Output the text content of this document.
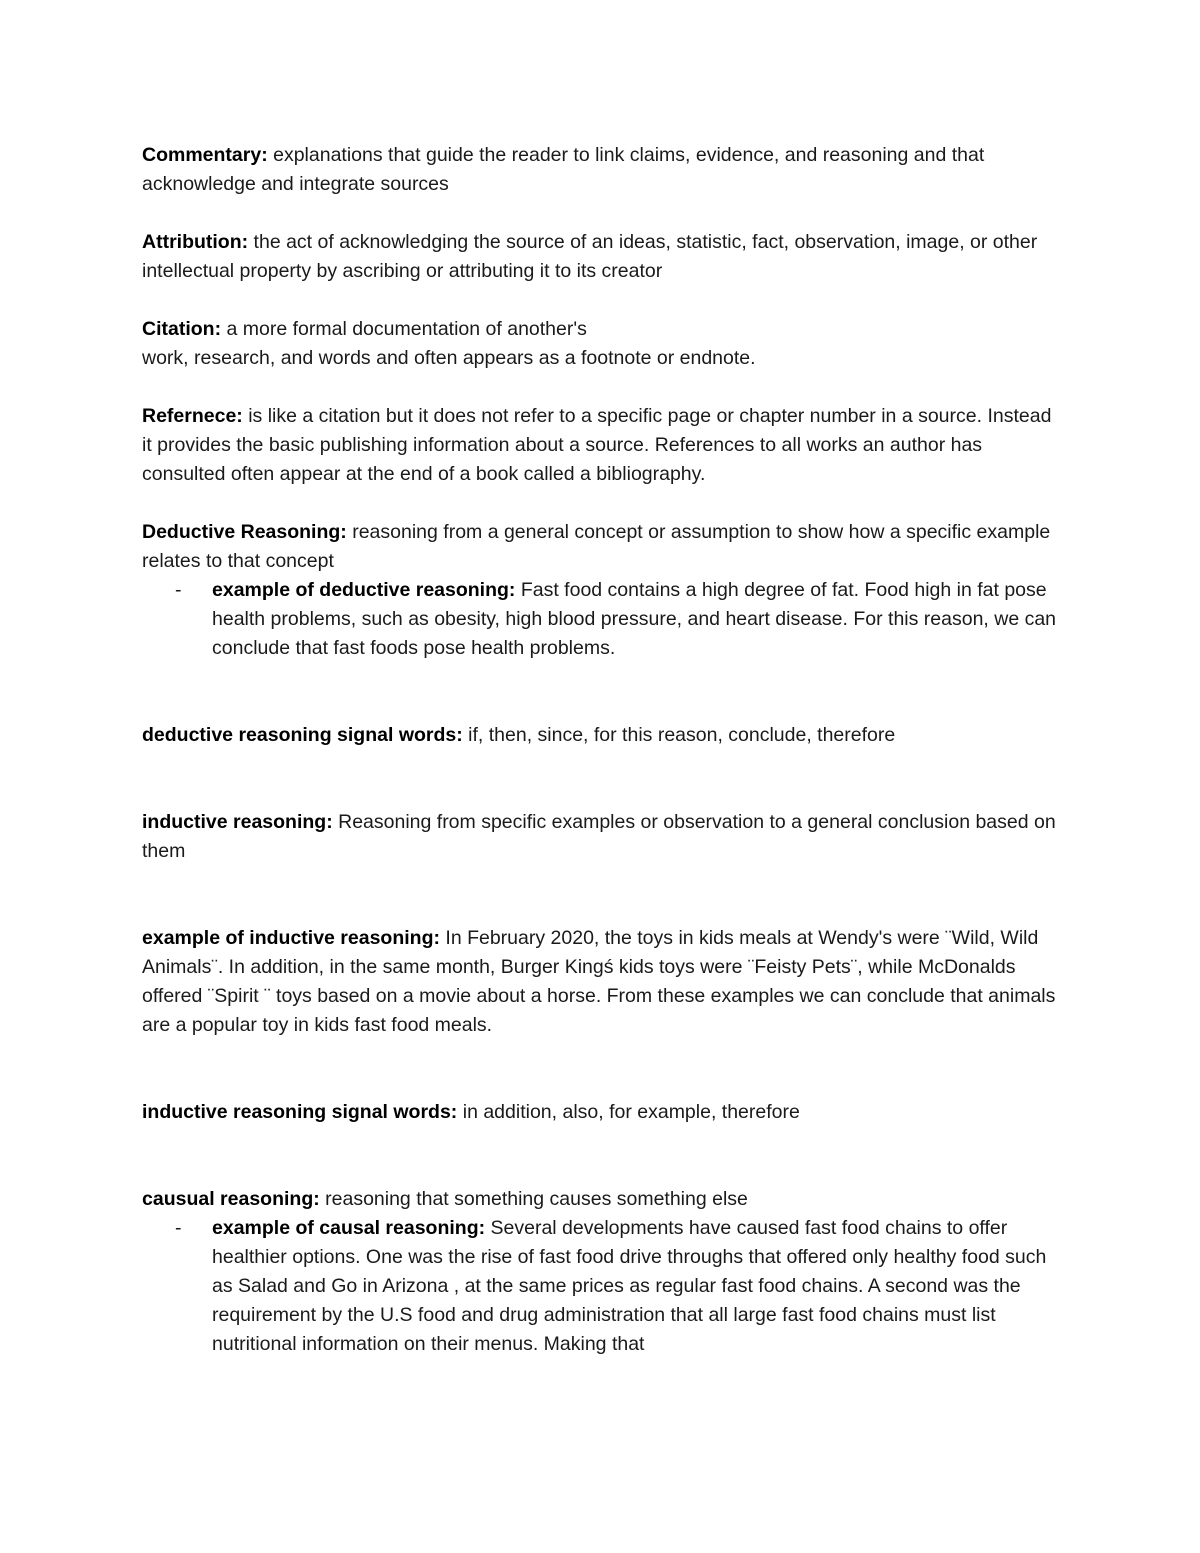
Commentary: explanations that guide the reader to link claims, evidence, and reasoning and that acknowledge and integrate sources

Attribution: the act of acknowledging the source of an ideas, statistic, fact, observation, image, or other intellectual property by ascribing or attributing it to its creator

Citation: a more formal documentation of another's
work, research, and words and often appears as a footnote or endnote.

Refernece: is like a citation but it does not refer to a specific page or chapter number in a source. Instead it provides the basic publishing information about a source. References to all works an author has consulted often appear at the end of a book called a bibliography.

Deductive Reasoning: reasoning from a general concept or assumption to show how a specific example relates to that concept

- example of deductive reasoning: Fast food contains a high degree of fat. Food high in fat pose health problems, such as obesity, high blood pressure, and heart disease. For this reason, we can conclude that fast foods pose health problems.

deductive reasoning signal words: if, then, since, for this reason, conclude, therefore

inductive reasoning: Reasoning from specific examples or observation to a general conclusion based on them

example of inductive reasoning: In February 2020, the toys in kids meals at Wendy's were ¨Wild, Wild Animals¨. In addition, in the same month, Burger Kingś kids toys were ¨Feisty Pets¨, while McDonalds offered ¨Spirit ¨ toys based on a movie about a horse. From these examples we can conclude that animals are a popular toy in kids fast food meals.

inductive reasoning signal words: in addition, also, for example, therefore

causual reasoning: reasoning that something causes something else

- example of causal reasoning: Several developments have caused fast food chains to offer healthier options. One was the rise of fast food drive throughs that offered only healthy food such as Salad and Go in Arizona , at the same prices as regular fast food chains. A second was the requirement by the U.S food and drug administration that all large fast food chains must list nutritional information on their menus. Making that
